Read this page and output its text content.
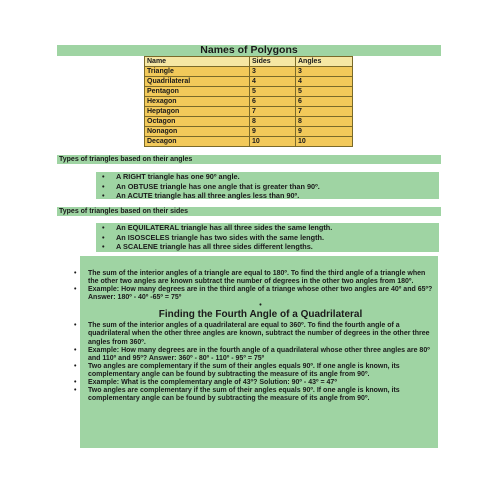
Names of Polygons
Name	Sides	Angles
Triangle	3	3
Quadrilateral	4	4
Pentagon	5	5
Hexagon	6	6
Heptagon	7	7
Octagon	8	8
Nonagon	9	9
Decagon	10	10
Types of triangles based on their angles
• A RIGHT triangle has one 90º angle.
• An OBTUSE triangle has one angle that is greater than 90º.
• An ACUTE triangle has all three angles less than 90º.
Types of triangles based on their sides
• An EQUILATERAL triangle has all three sides the same length.
• An ISOSCELES triangle has two sides with the same length.
• A SCALENE triangle has all three sides different lengths.
• The sum of the interior angles of a triangle are equal to 180º. To find the third angle of a triangle when the other two angles are known subtract the number of degrees in the other two angles from 180º.
• Example: How many degrees are in the third angle of a triange whose other two angles are 40º and 65º? Answer: 180º - 40º -65º = 75º
•
Finding the Fourth Angle of a Quadrilateral
• The sum of the interior angles of a quadrilateral are equal to 360º. To find the fourth angle of a quadrilateral when the other three angles are known, subtract the number of degrees in the other three angles from 360º.
• Example: How many degrees are in the fourth angle of a quadrilateral whose other three angles are 80º and 110º and 95º? Answer: 360º - 80º - 110º - 95º = 75º
• Two angles are complementary if the sum of their angles equals 90º. If one angle is known, its complementary angle can be found by subtracting the measure of its angle from 90º.
• Example: What is the complementary angle of 43º? Solution: 90º - 43º = 47º
• Two angles are complementary if the sum of their angles equals 90º. If one angle is known, its complementary angle can be found by subtracting the measure of its angle from 90º.
